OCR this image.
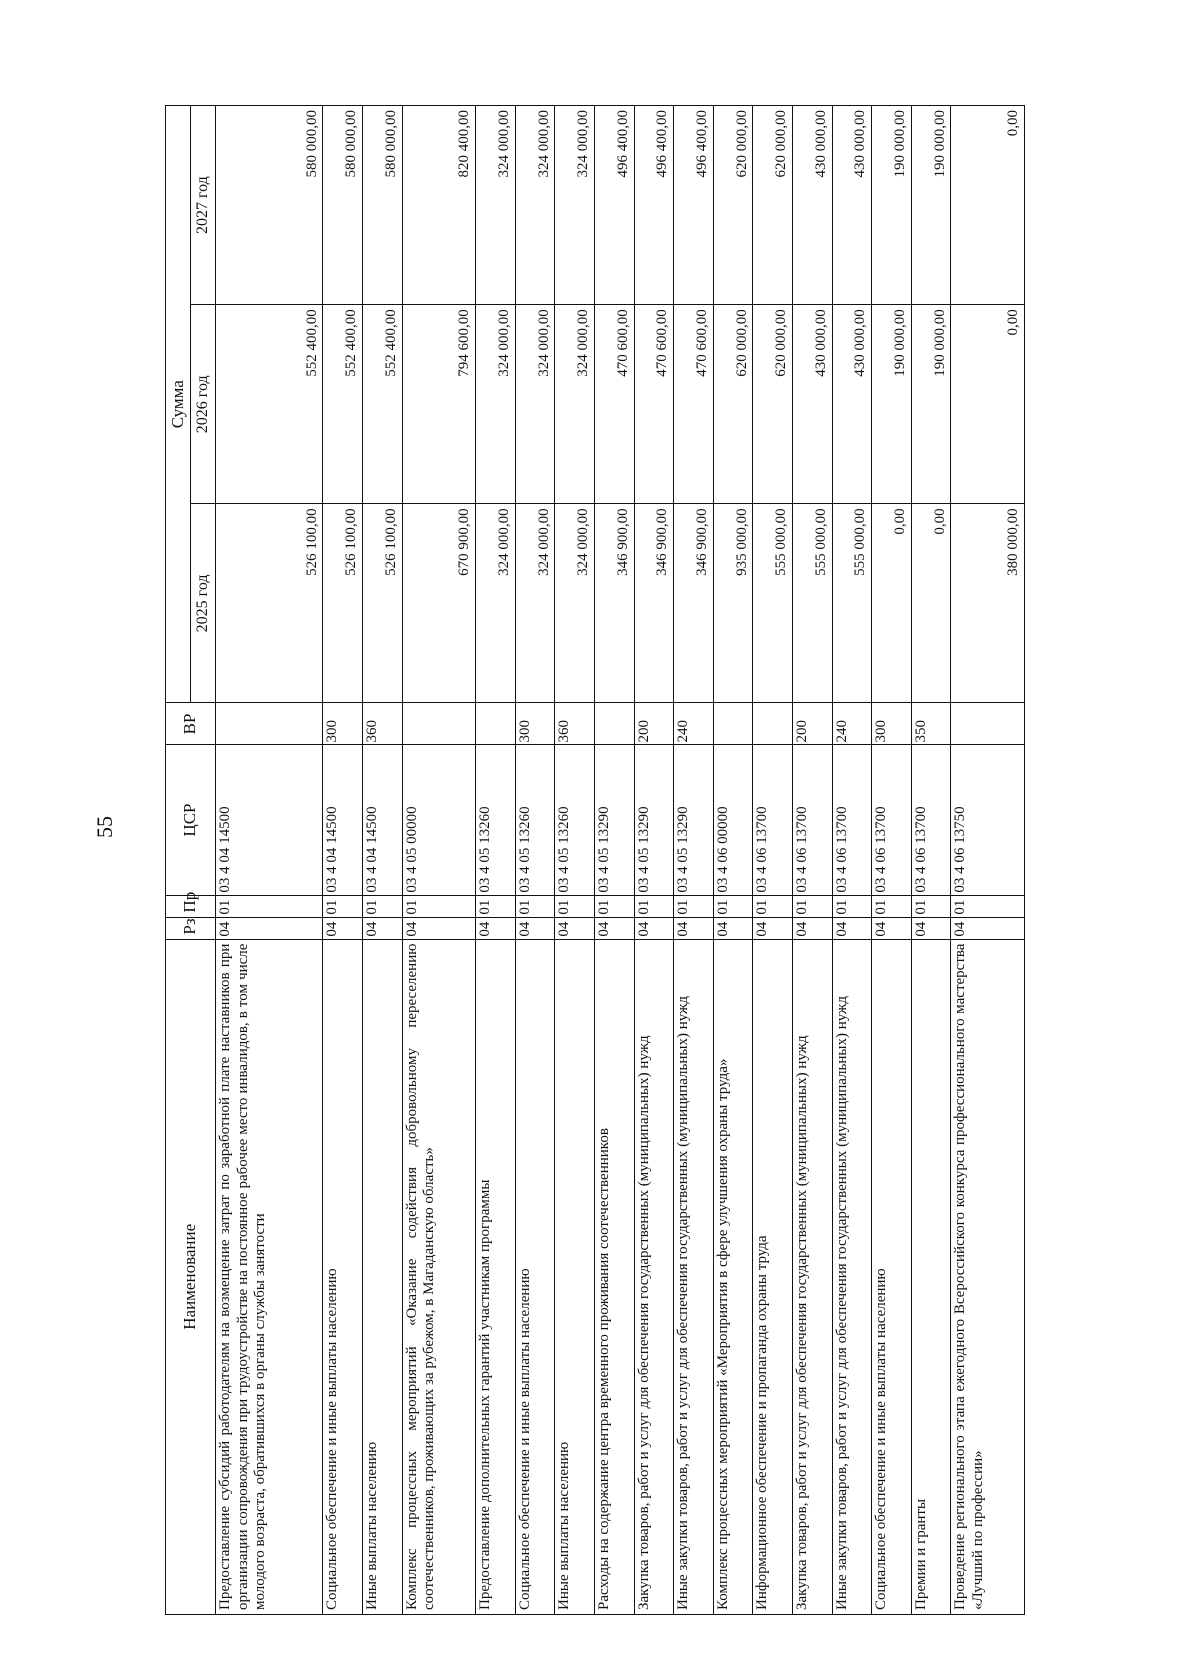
55
Наименование	Рз	Пр	ЦСР	ВР	Сумма		
					2025 год	2026 год	2027 год
Предоставление субсидий работодателям на возмещение затрат по заработной плате наставников при организации сопровождения при трудоустройстве на постоянное рабочее место инвалидов, в том числе молодого возраста, обратившихся в органы службы занятости	04	01	03 4 04 14500		526 100,00	552 400,00	580 000,00
Социальное обеспечение и иные выплаты населению	04	01	03 4 04 14500	300	526 100,00	552 400,00	580 000,00
Иные выплаты населению	04	01	03 4 04 14500	360	526 100,00	552 400,00	580 000,00
Комплекс процессных мероприятий «Оказание содействия добровольному переселению соотечественников, проживающих за рубежом, в Магаданскую область»	04	01	03 4 05 00000		670 900,00	794 600,00	820 400,00
Предоставление дополнительных гарантий участникам программы	04	01	03 4 05 13260		324 000,00	324 000,00	324 000,00
Социальное обеспечение и иные выплаты населению	04	01	03 4 05 13260	300	324 000,00	324 000,00	324 000,00
Иные выплаты населению	04	01	03 4 05 13260	360	324 000,00	324 000,00	324 000,00
Расходы на содержание центра временного проживания соотечественников	04	01	03 4 05 13290		346 900,00	470 600,00	496 400,00
Закупка товаров, работ и услуг для обеспечения государственных (муниципальных) нужд	04	01	03 4 05 13290	200	346 900,00	470 600,00	496 400,00
Иные закупки товаров, работ и услуг для обеспечения государственных (муниципальных) нужд	04	01	03 4 05 13290	240	346 900,00	470 600,00	496 400,00
Комплекс процессных мероприятий «Мероприятия в сфере улучшения охраны труда»	04	01	03 4 06 00000		935 000,00	620 000,00	620 000,00
Информационное обеспечение и пропаганда охраны труда	04	01	03 4 06 13700		555 000,00	620 000,00	620 000,00
Закупка товаров, работ и услуг для обеспечения государственных (муниципальных) нужд	04	01	03 4 06 13700	200	555 000,00	430 000,00	430 000,00
Иные закупки товаров, работ и услуг для обеспечения государственных (муниципальных) нужд	04	01	03 4 06 13700	240	555 000,00	430 000,00	430 000,00
Социальное обеспечение и иные выплаты населению	04	01	03 4 06 13700	300	0,00	190 000,00	190 000,00
Премии и гранты	04	01	03 4 06 13700	350	0,00	190 000,00	190 000,00
Проведение регионального этапа ежегодного Всероссийского конкурса профессионального мастерства «Лучший по профессии»	04	01	03 4 06 13750		380 000,00	0,00	0,00
